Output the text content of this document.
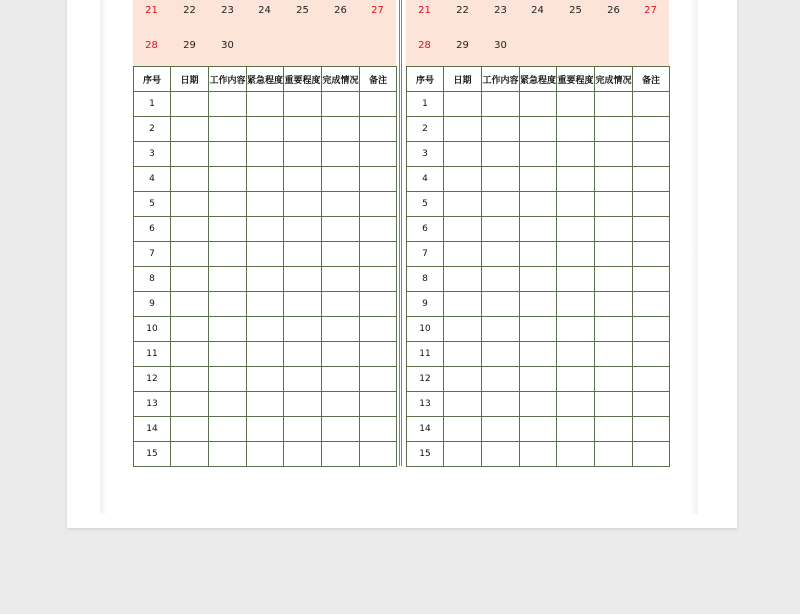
21	22	23	24	25	26	27
28	29	30
序号	日期	工作内容	紧急程度	重要程度	完成情况	备注
1						
2						
3						
4						
5						
6						
7						
8						
9						
10						
11						
12						
13						
14						
15						
21	22	23	24	25	26	27
28	29	30
序号	日期	工作内容	紧急程度	重要程度	完成情况	备注
1						
2						
3						
4						
5						
6						
7						
8						
9						
10						
11						
12						
13						
14						
15						
